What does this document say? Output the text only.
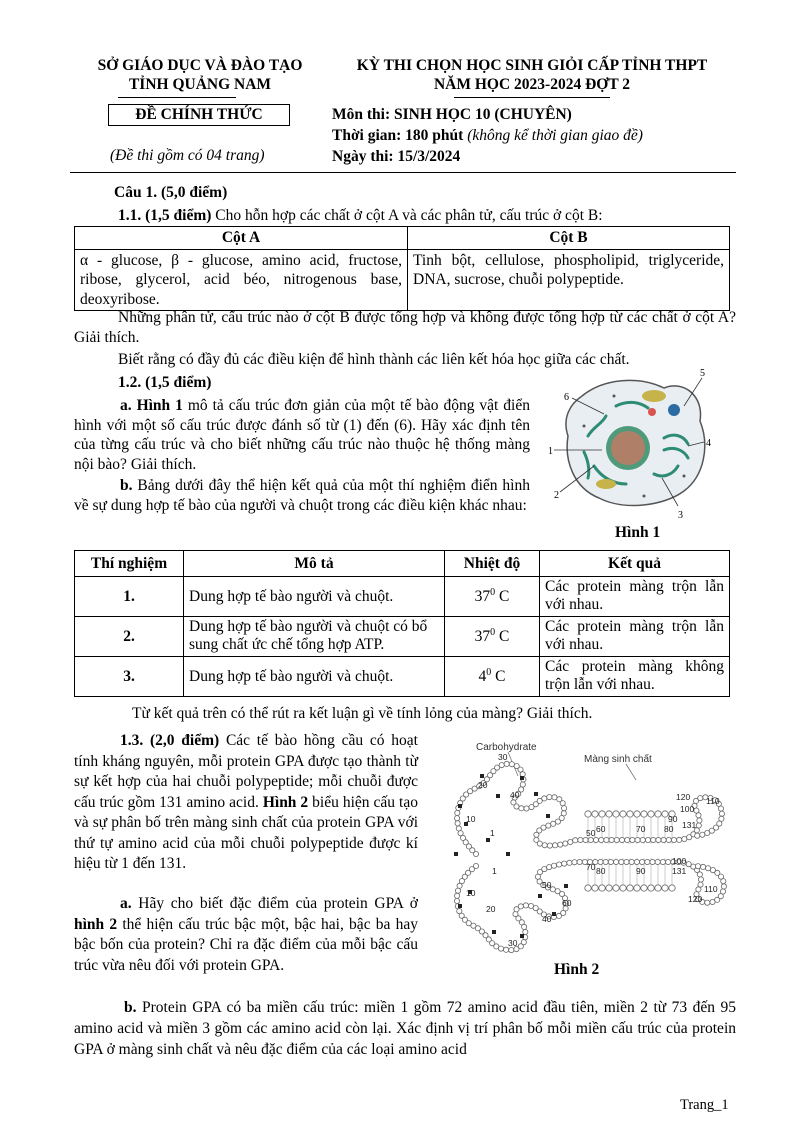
SỞ GIÁO DỤC VÀ ĐÀO TẠO
TỈNH QUẢNG NAM
KỲ THI CHỌN HỌC SINH GIỎI CẤP TỈNH THPT
NĂM HỌC 2023-2024 ĐỢT 2
ĐỀ CHÍNH THỨC
(Đề thi gồm có 04 trang)
Môn thi: SINH HỌC 10 (CHUYÊN)
Thời gian: 180 phút (không kể thời gian giao đề)
Ngày thi: 15/3/2024
Câu 1. (5,0 điểm)
1.1. (1,5 điểm) Cho hỗn hợp các chất ở cột A và các phân tử, cấu trúc ở cột B:
Cột A	Cột B
α - glucose, β - glucose, amino acid, fructose, ribose, glycerol, acid béo, nitrogenous base, deoxyribose.	Tinh bột, cellulose, phospholipid, triglyceride, DNA, sucrose, chuỗi polypeptide.
Những phân tử, cấu trúc nào ở cột B được tổng hợp và không được tổng hợp từ các chất ở cột A? Giải thích.
Biết rằng có đầy đủ các điều kiện để hình thành các liên kết hóa học giữa các chất.
1.2. (1,5 điểm)
a. Hình 1 mô tả cấu trúc đơn giản của một tế bào động vật điển hình với một số cấu trúc được đánh số từ (1) đến (6). Hãy xác định tên của từng cấu trúc và cho biết những cấu trúc nào thuộc hệ thống màng nội bào? Giải thích.
b. Bảng dưới đây thể hiện kết quả của một thí nghiệm điển hình về sự dung hợp tế bào của người và chuột trong các điều kiện khác nhau:
1
2
3
4
5
6
Hình 1
Thí nghiệm	Mô tả	Nhiệt độ	Kết quả
1.	Dung hợp tế bào người và chuột.	$37^0$ C	Các protein màng trộn lẫn với nhau.
2.	Dung hợp tế bào người và chuột có bổ sung chất ức chế tổng hợp ATP.	$37^0$ C	Các protein màng trộn lẫn với nhau.
3.	Dung hợp tế bào người và chuột.	$4^0$ C	Các protein màng không trộn lẫn với nhau.
Từ kết quả trên có thể rút ra kết luận gì về tính lỏng của màng? Giải thích.
1.3. (2,0 điểm) Các tế bào hồng cầu có hoạt tính kháng nguyên, mỗi protein GPA được tạo thành từ sự kết hợp của hai chuỗi polypeptide; mỗi chuỗi được cấu trúc gồm 131 amino acid. Hình 2 biểu hiện cấu tạo và sự phân bố trên màng sinh chất của protein GPA với thứ tự amino acid của mỗi chuỗi polypeptide được kí hiệu từ 1 đến 131.
a. Hãy cho biết đặc điểm của protein GPA ở hình 2 thể hiện cấu trúc bậc một, bậc hai, bậc ba hay bậc bốn của protein? Chỉ ra đặc điểm của mỗi bậc cấu trúc vừa nêu đối với protein GPA.
Carbohydrate
Màng sinh chất
30
20
40
10
1	50 60	70 80
90
100
110
120
131
1
10
20
40
30
50
60
70 80	90
100
110
120
131
Hình 2
b. Protein GPA có ba miền cấu trúc: miền 1 gồm 72 amino acid đầu tiên, miền 2 từ 73 đến 95 amino acid và miền 3 gồm các amino acid còn lại. Xác định vị trí phân bố mỗi miền cấu trúc của protein GPA ở màng sinh chất và nêu đặc điểm của các loại amino acid
Trang_1
